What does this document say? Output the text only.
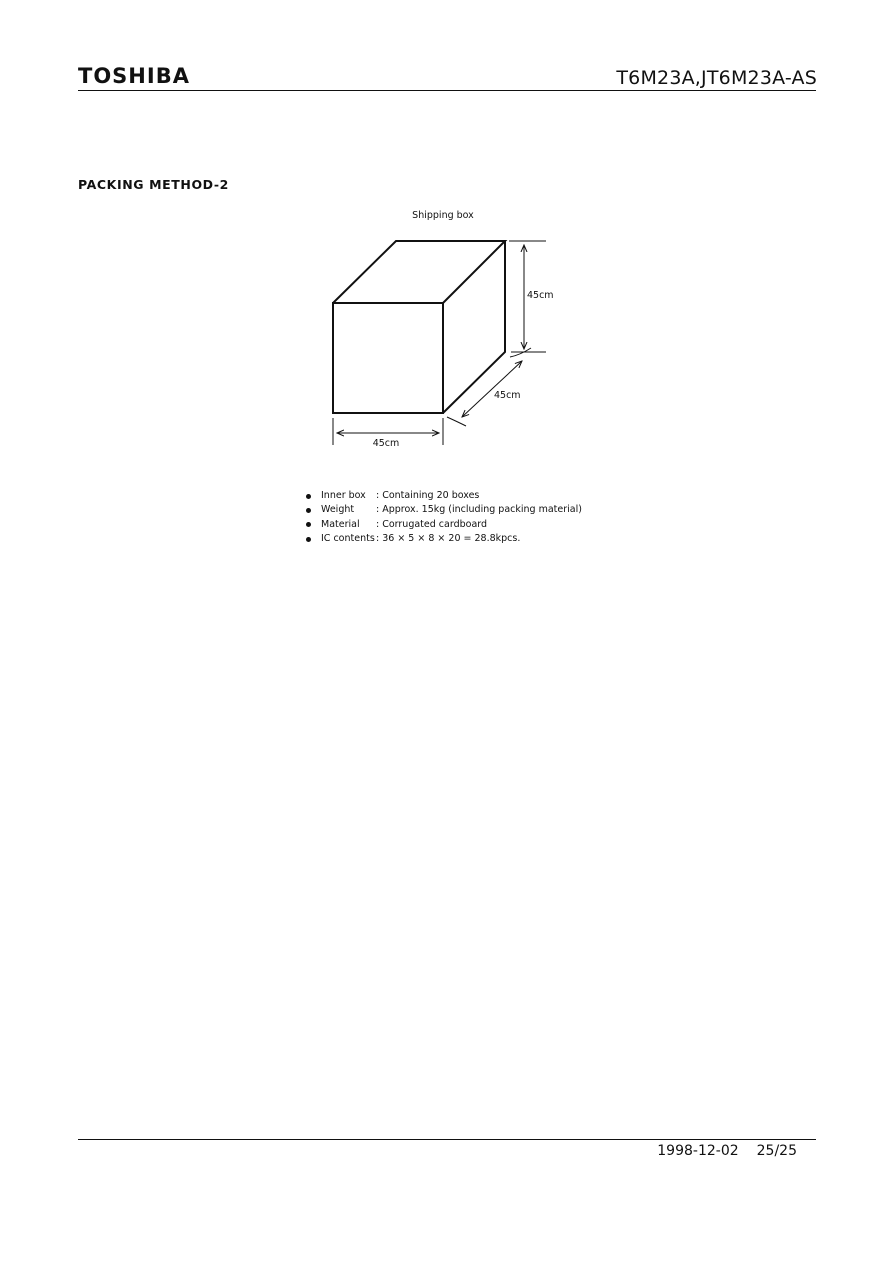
TOSHIBA	T6M23A,JT6M23A-AS
PACKING METHOD-2
Shipping box
45cm
45cm
45cm
Inner box	: Containing 20 boxes
Weight	: Approx. 15kg (including packing material)
Material	: Corrugated cardboard
IC contents : 36 × 5 × 8 × 20 = 28.8kpcs.
1998-12-02 25/25
